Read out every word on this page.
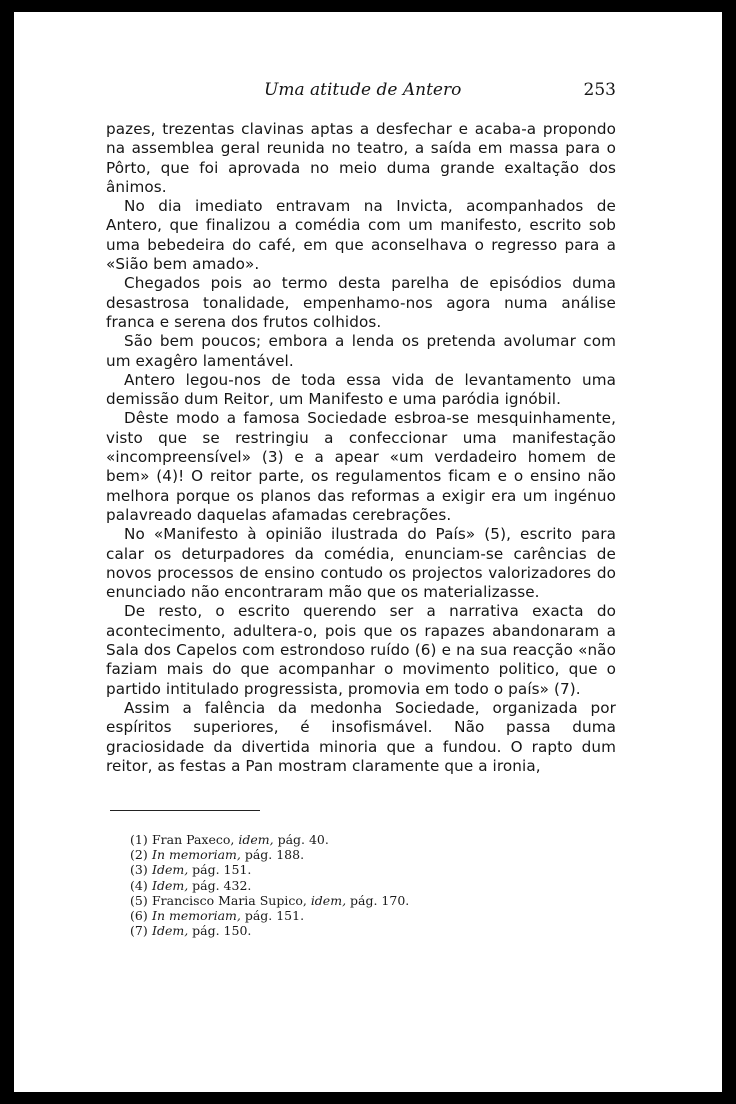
Uma atitude de Antero	253

pazes, trezentas clavinas aptas a desfechar e acaba-a propondo na assemblea geral reunida no teatro, a saída em massa para o Pôrto, que foi aprovada no meio duma grande exaltação dos ânimos.

No dia imediato entravam na Invicta, acompanhados de Antero, que finalizou a comédia com um manifesto, escrito sob uma bebedeira do café, em que aconselhava o regresso para a «Sião bem amado».

Chegados pois ao termo desta parelha de episódios duma desastrosa tonalidade, empenhamo-nos agora numa análise franca e serena dos frutos colhidos.

São bem poucos; embora a lenda os pretenda avolumar com um exagêro lamentável.

Antero legou-nos de toda essa vida de levantamento uma demissão dum Reitor, um Manifesto e uma paródia ignóbil.

Dêste modo a famosa Sociedade esbroa-se mesquinhamente, visto que se restringiu a confeccionar uma manifestação «incompreensível» (3) e a apear «um verdadeiro homem de bem» (4)! O reitor parte, os regulamentos ficam e o ensino não melhora porque os planos das reformas a exigir era um ingénuo palavreado daquelas afamadas cerebrações.

No «Manifesto à opinião ilustrada do País» (5), escrito para calar os deturpadores da comédia, enunciam-se carências de novos processos de ensino contudo os projectos valorizadores do enunciado não encontraram mão que os materializasse.

De resto, o escrito querendo ser a narrativa exacta do acontecimento, adultera-o, pois que os rapazes abandonaram a Sala dos Capelos com estrondoso ruído (6) e na sua reacção «não faziam mais do que acompanhar o movimento politico, que o partido intitulado progressista, promovia em todo o país» (7).

Assim a falência da medonha Sociedade, organizada por espíritos superiores, é insofismável. Não passa duma graciosidade da divertida minoria que a fundou. O rapto dum reitor, as festas a Pan mostram claramente que a ironia,

(1) Fran Paxeco, idem, pág. 40.
(2) In memoriam, pág. 188.
(3) Idem, pág. 151.
(4) Idem, pág. 432.
(5) Francisco Maria Supico, idem, pág. 170.
(6) In memoriam, pág. 151.
(7) Idem, pág. 150.
